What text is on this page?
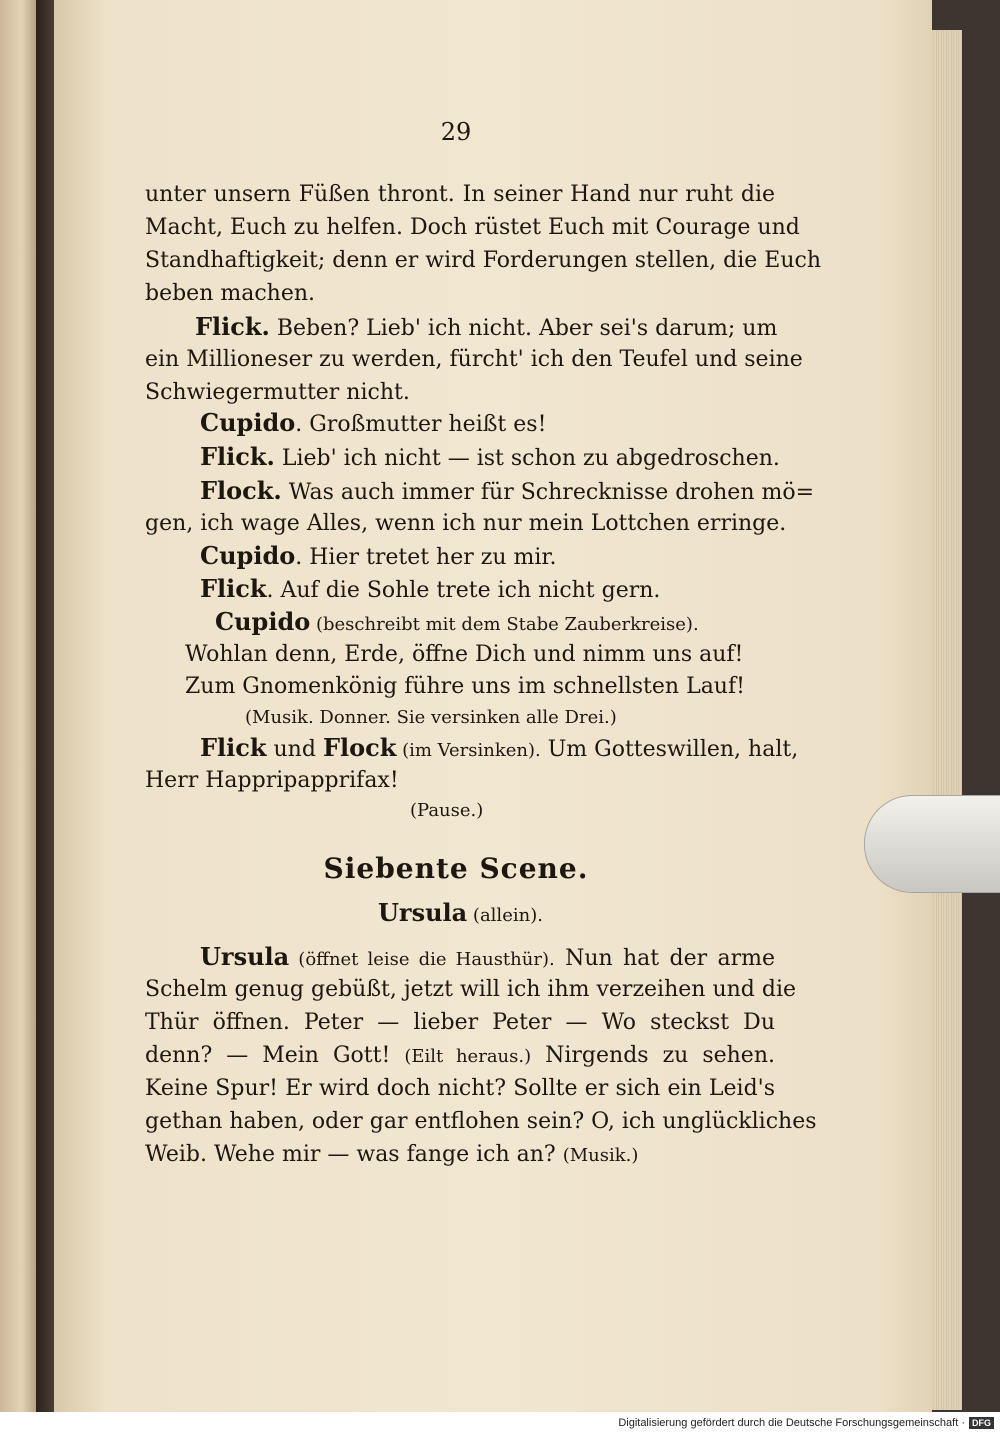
29

unter unsern Füßen thront. In seiner Hand nur ruht die

Macht, Euch zu helfen. Doch rüstet Euch mit Courage und

Standhaftigkeit; denn er wird Forderungen stellen, die Euch

beben machen.

Flick. Beben? Lieb' ich nicht. Aber sei's darum; um

ein Millioneser zu werden, fürcht' ich den Teufel und seine

Schwiegermutter nicht.

Cupido. Großmutter heißt es!

Flick. Lieb' ich nicht — ist schon zu abgedroschen.

Flock. Was auch immer für Schrecknisse drohen mö=

gen, ich wage Alles, wenn ich nur mein Lottchen erringe.

Cupido. Hier tretet her zu mir.

Flick. Auf die Sohle trete ich nicht gern.

Cupido (beschreibt mit dem Stabe Zauberkreise).

Wohlan denn, Erde, öffne Dich und nimm uns auf!

Zum Gnomenkönig führe uns im schnellsten Lauf!

(Musik. Donner. Sie versinken alle Drei.)

Flick und Flock (im Versinken). Um Gotteswillen, halt,

Herr Happripapprifax!

(Pause.)

Ursula (allein).

Ursula (öffnet leise die Hausthür). Nun hat der arme

Schelm genug gebüßt, jetzt will ich ihm verzeihen und die

Thür öffnen. Peter — lieber Peter — Wo steckst Du

denn? — Mein Gott! (Eilt heraus.) Nirgends zu sehen.

Keine Spur! Er wird doch nicht? Sollte er sich ein Leid's

gethan haben, oder gar entflohen sein? O, ich unglückliches

Weib. Wehe mir — was fange ich an? (Musik.)

Siebente Scene.
Digitalisierung gefördert durch die Deutsche Forschungsgemeinschaft · DFG
